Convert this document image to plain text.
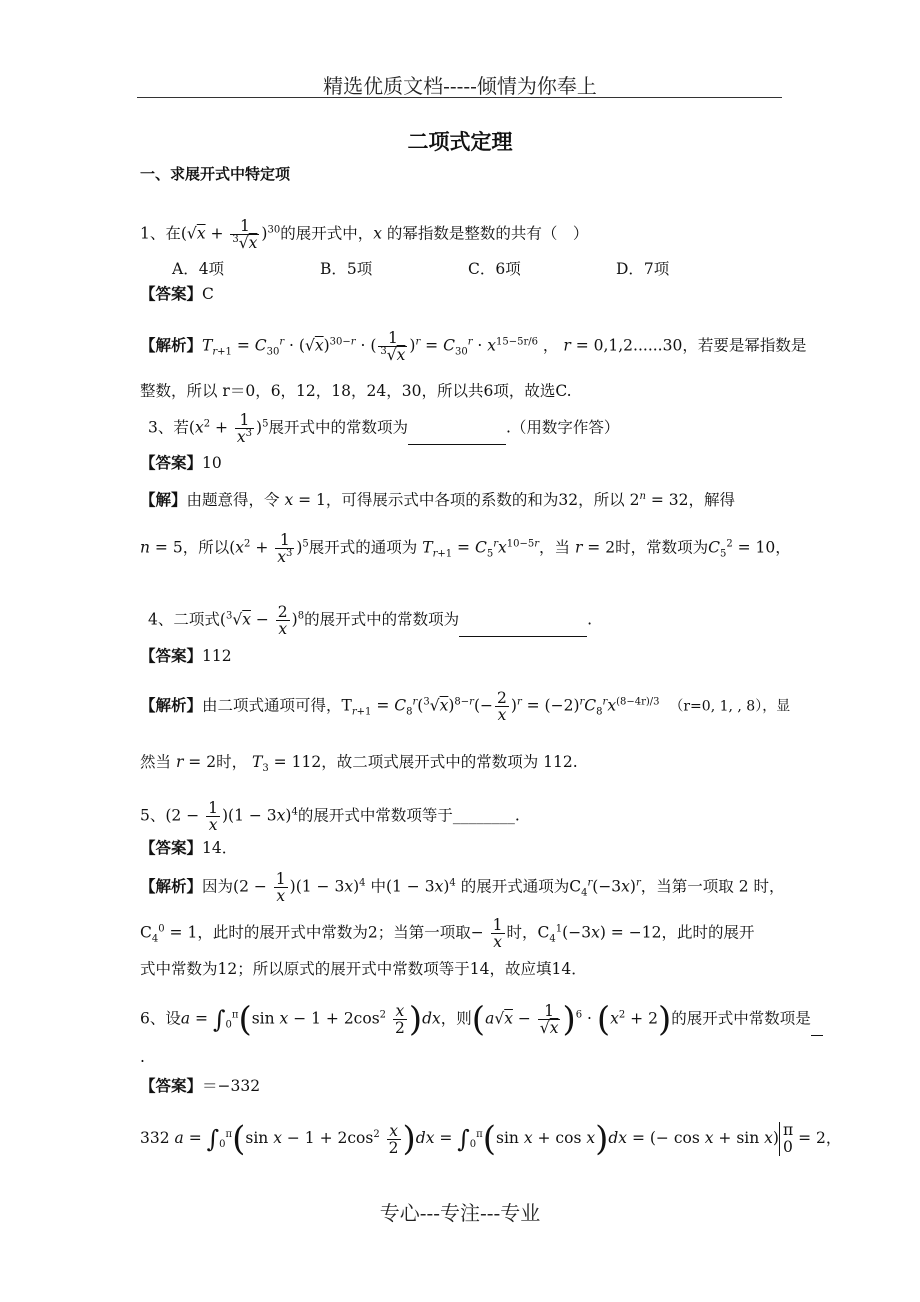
精选优质文档-----倾情为你奉上
二项式定理
一、求展开式中特定项
1、在$(√x + \frac{1}{^3√x} )^{30}$的展开式中，x 的幂指数是整数的共有（　）
A．4项	B．5项	C．6项	D．7项
【答案】C
【解析】$T_{r+1} = C_{30}^r \cdot (√x)^{30-r}$ · ( $\frac{1}{^3√x} )^r = C_{30}^r \cdot x^{15-5r/6}$ ， r = 0,1,2......30，若要是幂指数是
整数，所以 r＝0，6，12，18，24，30，所以共6项，故选C.
3、若$(x^2 + \frac{1}{x^3} )^5$展开式中的常数项为	.（用数字作答）
【答案】10
【解】由题意得，令 x = 1，可得展示式中各项的系数的和为32，所以 $2^n = 32$，解得
n = 5，所以$(x^2 + \frac{1}{x^3} )^5$展开式的通项为 $T_{r+1} = C_5^rx^{10-5r}$，当 r = 2时，常数项为$C_5^2 = 10$，
4、二项式$(^3√x - \frac{2}{x} )^8$的展开式中的常数项为	.
【答案】112
【解析】由二项式通项可得，$T_{r+1} = C_8^r(^3√x)^{8-r}(- \frac{2}{x} )^r = (-2)^rC_8^rx^{(8-4r)/3}$ （r=0, 1, , 8），显
然当 r = 2时， $T_3 = 112$，故二项式展开式中的常数项为 112.
5、$(2 - \frac{1}{x} )(1 - 3x)^4$的展开式中常数项等于________.
【答案】14．
【解析】因为$(2 - \frac{1}{x} )(1 - 3x)^4$ 中$(1 - 3x)^4$ 的展开式通项为$C_4^r(-3x)^r$，当第一项取 2 时，
$C_4^0 = 1$，此时的展开式中常数为2；当第一项取− $\frac{1}{x}$ 时，$C_4^1(-3x) = -12$，此时的展开
式中常数为12；所以原式的展开式中常数项等于14，故应填14．
6、设$a = \int_0^\pi(\sin$ $x - 1 + 2\cos^2 \frac{x}{2} )dx$，则$(a√x - \frac{1}{√x} )^6 \cdot (x^2 + 2)$的展开式中常数项是
.
【答案】＝−332
332 $a = \int_0^\pi(\sin$ $x - 1 + 2\cos^2 \frac{x}{2} )dx = \int_0^\pi(\sin$ x + cos x)dx = (− cos x + sin x) π
0 = 2，
专心---专注---专业
